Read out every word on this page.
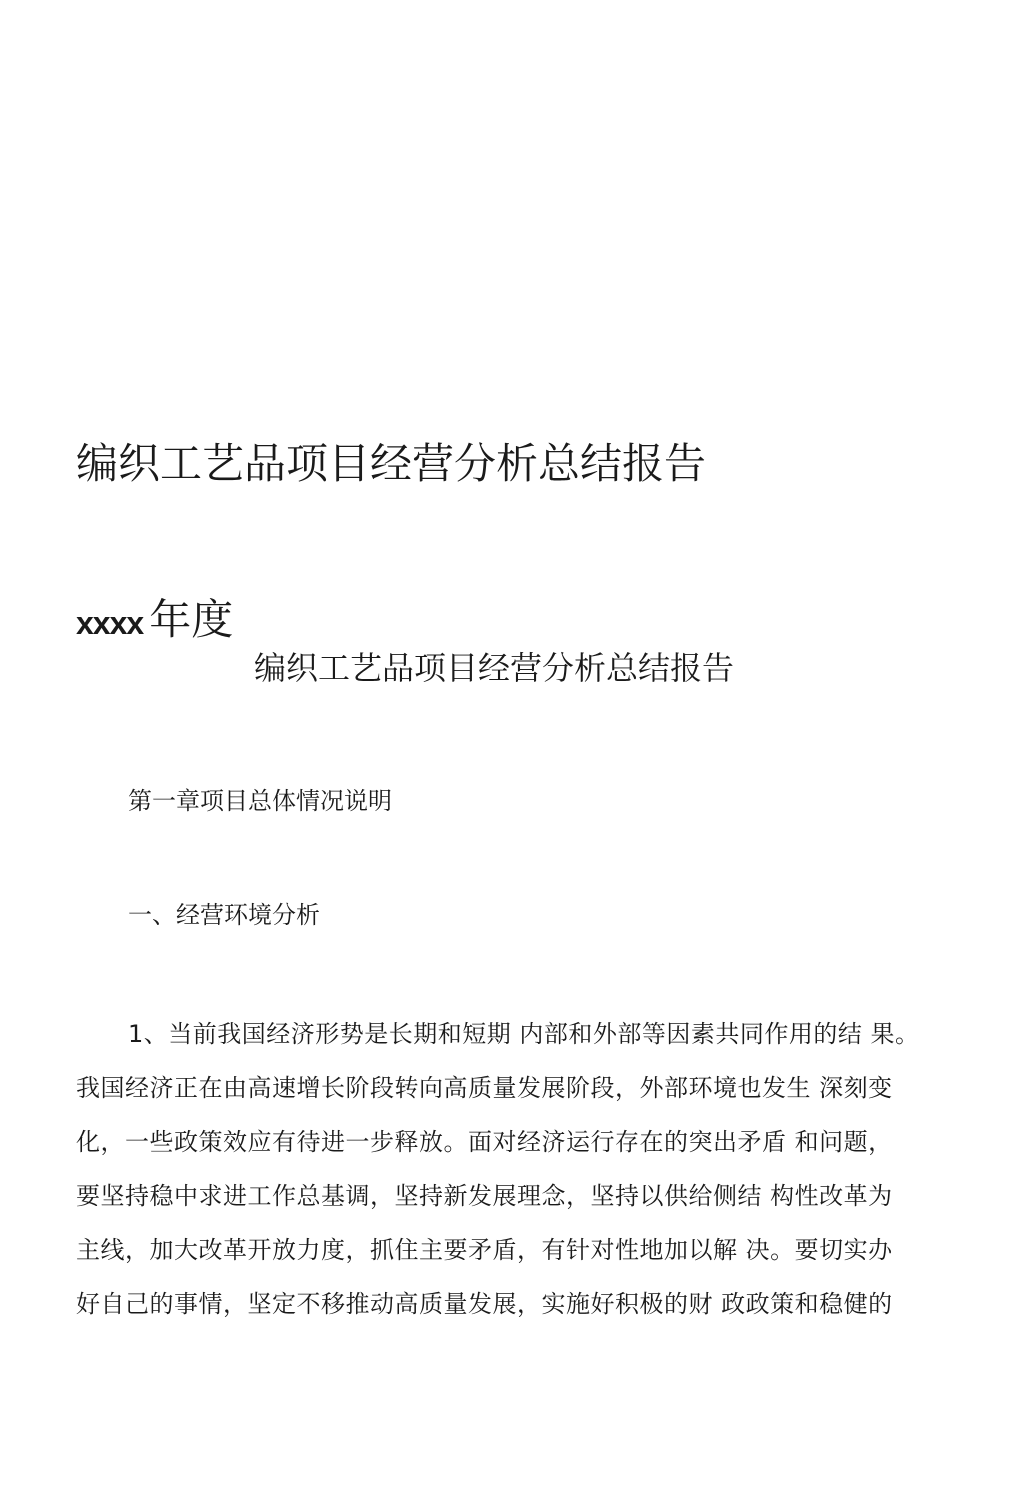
编织工艺品项目经营分析总结报告
xxxx 年度
编织工艺品项目经营分析总结报告
第一章项目总体情况说明
一、经营环境分析
1、当前我国经济形势是长期和短期 内部和外部等因素共同作用的结 果。
我国经济正在由高速增长阶段转向高质量发展阶段，外部环境也发生 深刻变
化，一些政策效应有待进一步释放。面对经济运行存在的突出矛盾 和问题，
要坚持稳中求进工作总基调，坚持新发展理念，坚持以供给侧结 构性改革为
主线，加大改革开放力度，抓住主要矛盾，有针对性地加以解 决。要切实办
好自己的事情，坚定不移推动高质量发展，实施好积极的财 政政策和稳健的
